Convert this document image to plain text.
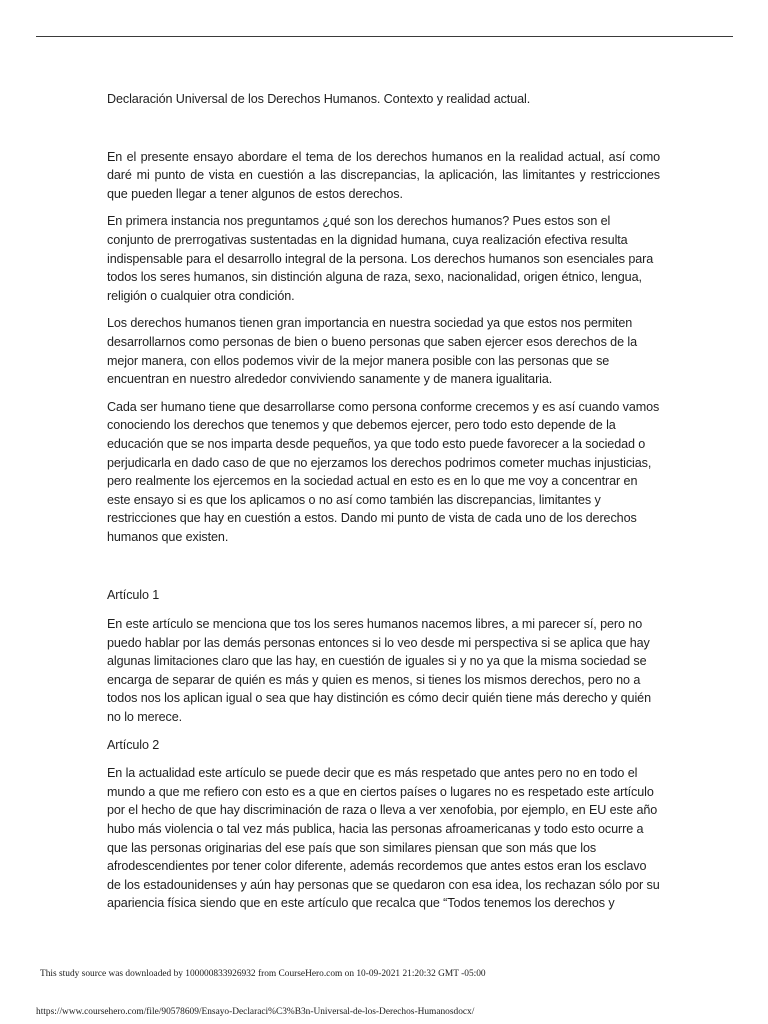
Declaración Universal de los Derechos Humanos. Contexto y realidad actual.

En el presente ensayo abordare el tema de los derechos humanos en la realidad actual, así como daré mi punto de vista en cuestión a las discrepancias, la aplicación, las limitantes y restricciones que pueden llegar a tener algunos de estos derechos.

En primera instancia nos preguntamos ¿qué son los derechos humanos? Pues estos son el conjunto de prerrogativas sustentadas en la dignidad humana, cuya realización efectiva resulta indispensable para el desarrollo integral de la persona. Los derechos humanos son esenciales para todos los seres humanos, sin distinción alguna de raza, sexo, nacionalidad, origen étnico, lengua, religión o cualquier otra condición.

Los derechos humanos tienen gran importancia en nuestra sociedad ya que estos nos permiten desarrollarnos como personas de bien o bueno personas que saben ejercer esos derechos de la mejor manera, con ellos podemos vivir de la mejor manera posible con las personas que se encuentran en nuestro alrededor conviviendo sanamente y de manera igualitaria.

Cada ser humano tiene que desarrollarse como persona conforme crecemos y es así cuando vamos conociendo los derechos que tenemos y que debemos ejercer, pero todo esto depende de la educación que se nos imparta desde pequeños, ya que todo esto puede favorecer a la sociedad o perjudicarla en dado caso de que no ejerzamos los derechos podrimos cometer muchas injusticias, pero realmente los ejercemos en la sociedad actual en esto es en lo que me voy a concentrar en este ensayo si es que los aplicamos o no así como también las discrepancias, limitantes y restricciones que hay en cuestión a estos. Dando mi punto de vista de cada uno de los derechos humanos que existen.

Artículo 1

En este artículo se menciona que tos los seres humanos nacemos libres, a mi parecer sí, pero no puedo hablar por las demás personas entonces si lo veo desde mi perspectiva si se aplica que hay algunas limitaciones claro que las hay, en cuestión de iguales si y no ya que la misma sociedad se encarga de separar de quién es más y quien es menos, si tienes los mismos derechos, pero no a todos nos los aplican igual o sea que hay distinción es cómo decir quién tiene más derecho y quién no lo merece.

Artículo 2

En la actualidad este artículo se puede decir que es más respetado que antes pero no en todo el mundo a que me refiero con esto es a que en ciertos países o lugares no es respetado este artículo por el hecho de que hay discriminación de raza o lleva a ver xenofobia, por ejemplo, en EU este año hubo más violencia o tal vez más publica, hacia las personas afroamericanas y todo esto ocurre a que las personas originarias del ese país que son similares piensan que son más que los afrodescendientes por tener color diferente, además recordemos que antes estos eran los esclavo de los estadounidenses y aún hay personas que se quedaron con esa idea, los rechazan sólo por su apariencia física siendo que en este artículo que recalca que “Todos tenemos los derechos y

This study source was downloaded by 100000833926932 from CourseHero.com on 10-09-2021 21:20:32 GMT -05:00
https://www.coursehero.com/file/90578609/Ensayo-Declaraci%C3%B3n-Universal-de-los-Derechos-Humanosdocx/
